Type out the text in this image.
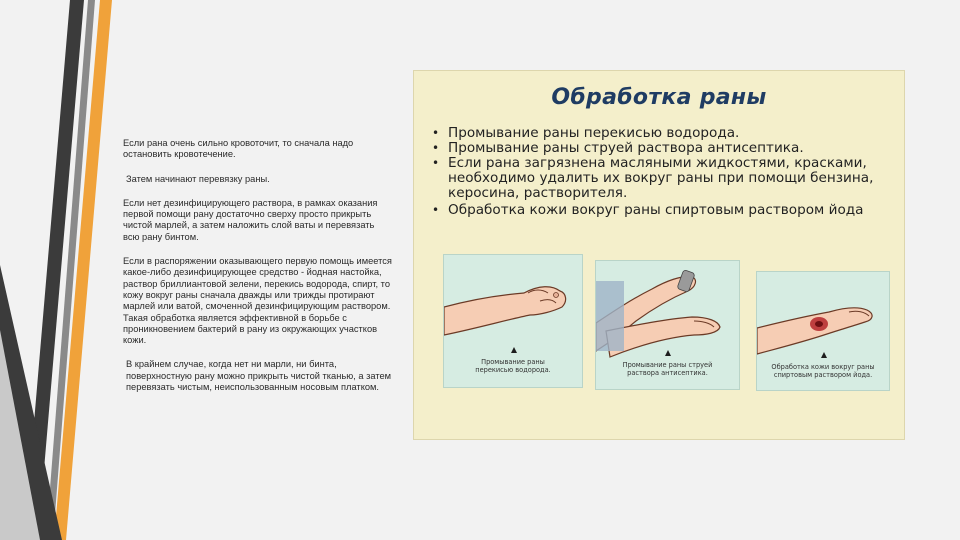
Если рана очень сильно кровоточит, то сначала надо остановить кровотечение.

Затем начинают перевязку раны.

Если нет дезинфицирующего раствора, в рамках оказания первой помощи рану достаточно сверху просто прикрыть чистой марлей, а затем наложить слой ваты и перевязать всю рану бинтом.

Если в распоряжении оказывающего первую помощь имеется какое-либо дезинфицирующее средство - йодная настойка, раствор бриллиантовой зелени, перекись водорода, спирт, то кожу вокруг раны сначала дважды или трижды протирают марлей или ватой, смоченной дезинфицирующим раствором. Такая обработка является эффективной в борьбе с проникновением бактерий в рану из окружающих участков кожи.

В крайнем случае, когда нет ни марли, ни бинта, поверхностную рану можно прикрыть чистой тканью, а затем перевязать чистым, неиспользованным носовым платком.

Обработка раны
• Промывание раны перекисью водорода.
• Промывание раны струей раствора антисептика.
• Если рана загрязнена масляными жидкостями, красками, необходимо удалить их вокруг раны при помощи бензина, керосина, растворителя.
• Обработка кожи вокруг раны спиртовым раствором йода
Промывание раны
перекисью водорода.
Промывание раны струей
раствора антисептика.
Обработка кожи вокруг раны
спиртовым раствором йода.
